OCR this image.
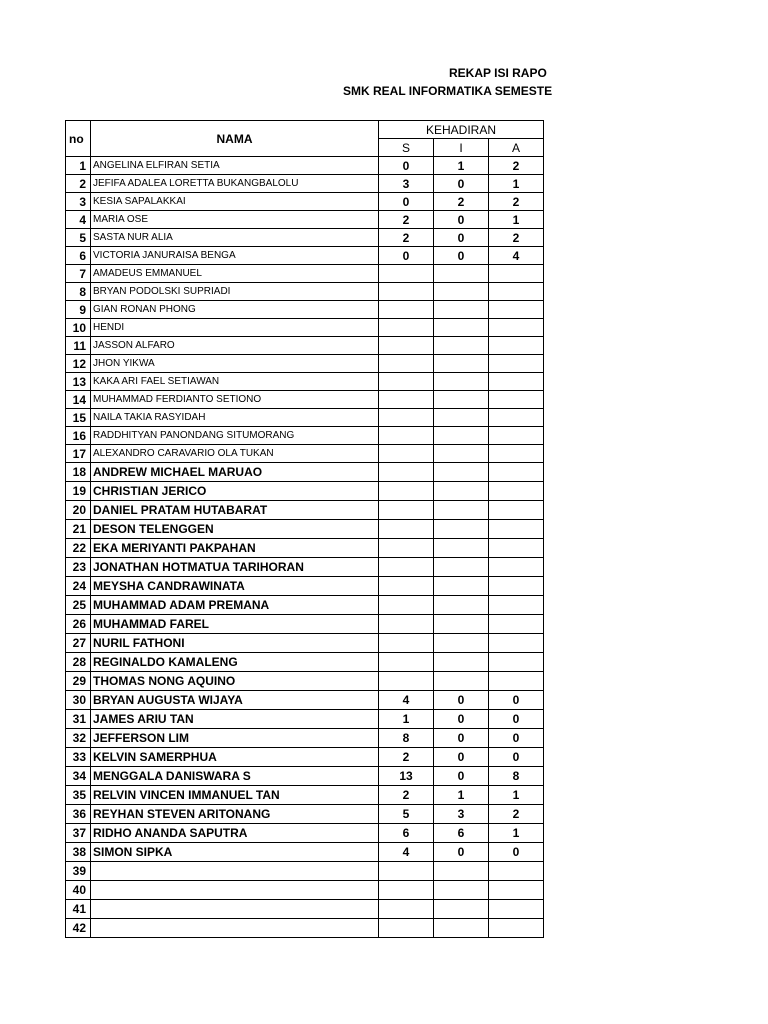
REKAP ISI RAPO
SMK REAL INFORMATIKA SEMESTE
no	NAMA	KEHADIRAN		
		S	I	A
1	ANGELINA ELFIRAN SETIA	0	1	2
2	JEFIFA ADALEA LORETTA BUKANGBALOLU	3	0	1
3	KESIA SAPALAKKAI	0	2	2
4	MARIA OSE	2	0	1
5	SASTA NUR ALIA	2	0	2
6	VICTORIA JANURAISA BENGA	0	0	4
7	AMADEUS EMMANUEL			
8	BRYAN PODOLSKI SUPRIADI			
9	GIAN RONAN PHONG			
10	HENDI			
11	JASSON ALFARO			
12	JHON YIKWA			
13	KAKA ARI FAEL SETIAWAN			
14	MUHAMMAD FERDIANTO SETIONO			
15	NAILA TAKIA RASYIDAH			
16	RADDHITYAN PANONDANG SITUMORANG			
17	ALEXANDRO CARAVARIO OLA TUKAN			
18	ANDREW MICHAEL MARUAO			
19	CHRISTIAN JERICO			
20	DANIEL PRATAM HUTABARAT			
21	DESON TELENGGEN			
22	EKA MERIYANTI PAKPAHAN			
23	JONATHAN HOTMATUA TARIHORAN			
24	MEYSHA CANDRAWINATA			
25	MUHAMMAD ADAM PREMANA			
26	MUHAMMAD FAREL			
27	NURIL FATHONI			
28	REGINALDO KAMALENG			
29	THOMAS NONG AQUINO			
30	BRYAN AUGUSTA WIJAYA	4	0	0
31	JAMES ARIU TAN	1	0	0
32	JEFFERSON LIM	8	0	0
33	KELVIN SAMERPHUA	2	0	0
34	MENGGALA DANISWARA S	13	0	8
35	RELVIN VINCEN IMMANUEL TAN	2	1	1
36	REYHAN STEVEN ARITONANG	5	3	2
37	RIDHO ANANDA SAPUTRA	6	6	1
38	SIMON SIPKA	4	0	0
39				
40				
41				
42				
